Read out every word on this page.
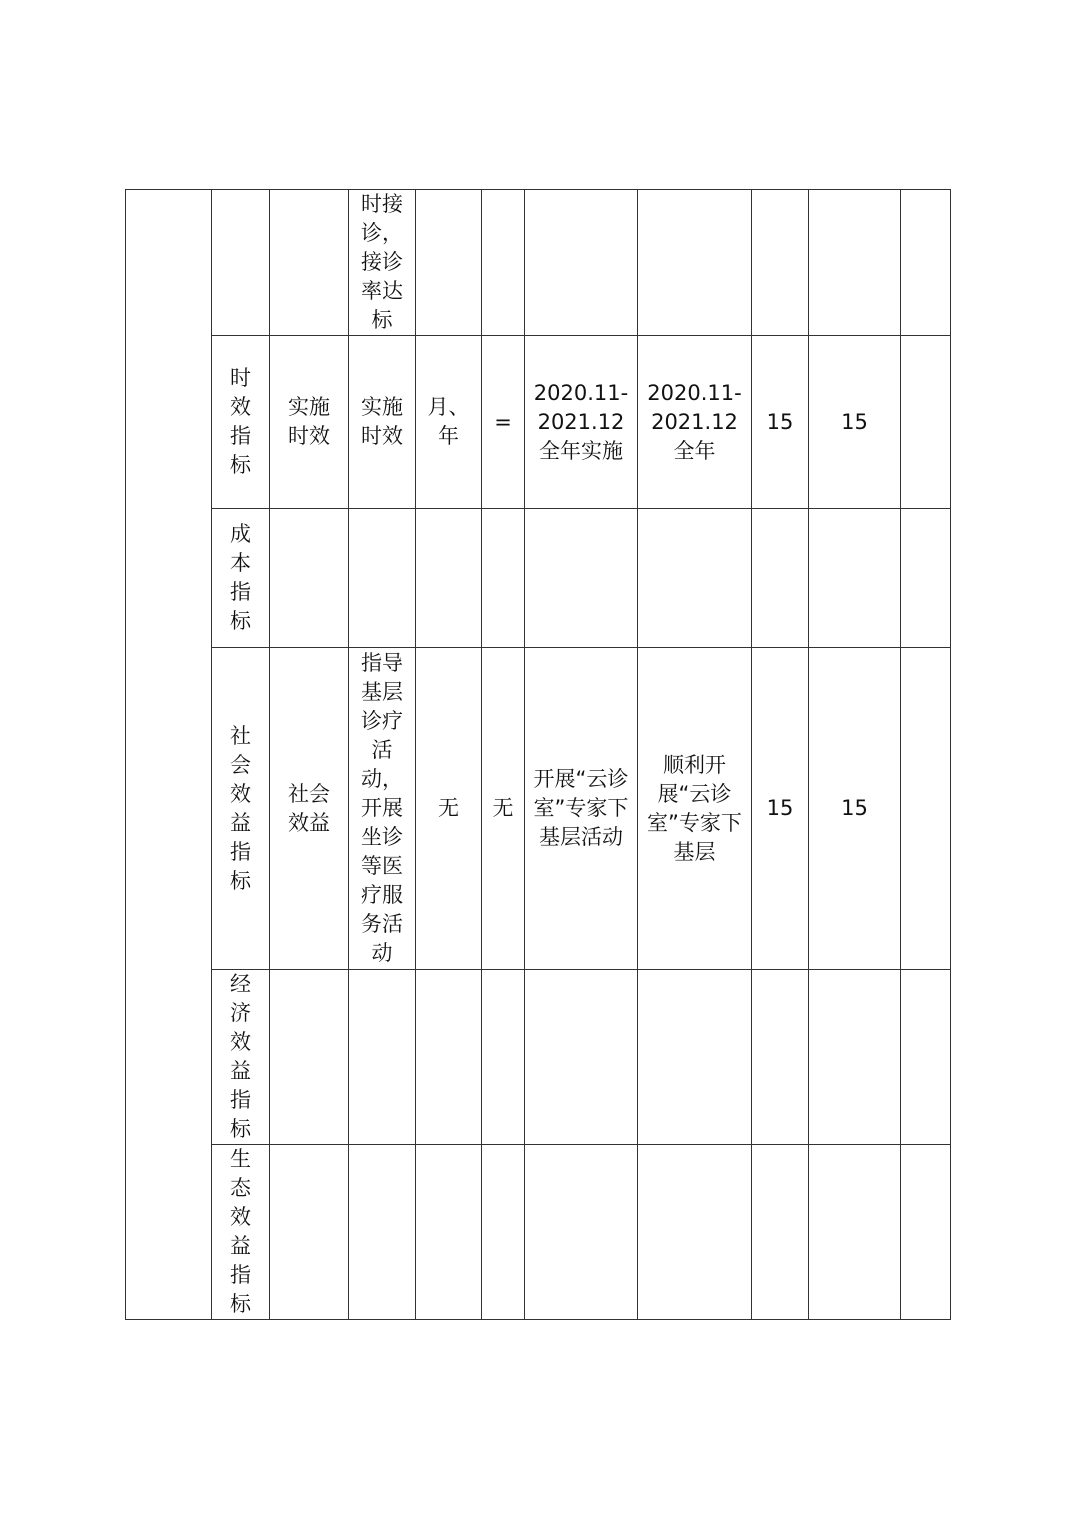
			时接诊，接诊率达标							

	时效指标	实施时效	实施时效	月、年	=	2020.11-2021.12全年实施	2020.11-2021.12全年	15	15	

	成本指标									

	社会效益指标	社会效益	指导基层诊疗活动，开展坐诊等医疗服务活动	无	无	开展“云诊室”专家下基层活动	顺利开展“云诊室”专家下基层	15	15	

	经济效益指标									

	生态效益指标									
